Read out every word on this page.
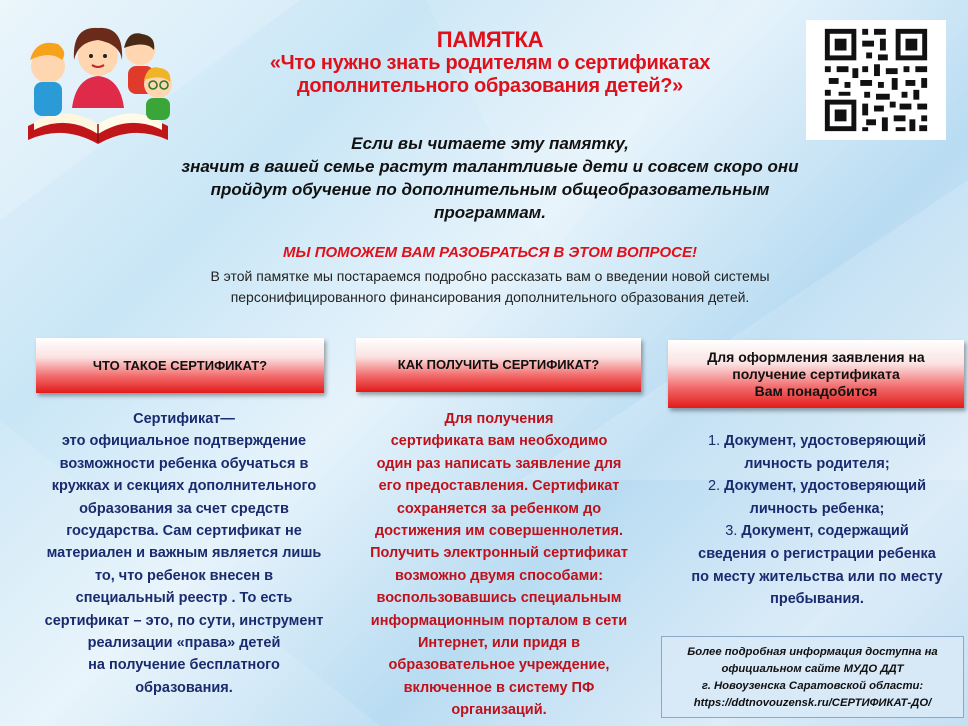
ПАМЯТКА
«Что нужно знать родителям о сертификатах
дополнительного образования детей?»
Если вы читаете эту памятку,
значит в вашей семье растут талантливые дети и совсем скоро они
пройдут обучение по дополнительным общеобразовательным
программам.
МЫ ПОМОЖЕМ ВАМ РАЗОБРАТЬСЯ В ЭТОМ ВОПРОСЕ!
В этой памятке мы постараемся подробно рассказать вам о введении новой системы
персонифицированного финансирования дополнительного образования детей.
ЧТО ТАКОЕ СЕРТИФИКАТ?	КАК ПОЛУЧИТЬ СЕРТИФИКАТ?	Для оформления заявления на
получение сертификата
Вам понадобится
Сертификат—
это официальное подтверждение
возможности ребенка обучаться в
кружках и секциях дополнительного
образования за счет средств
государства. Сам сертификат не
материален и важным является лишь
то, что ребенок внесен в
специальный реестр . То есть
сертификат – это, по сути, инструмент
реализации «права» детей
на получение бесплатного
образования.
Для получения
сертификата вам необходимо
один раз написать заявление для
его предоставления. Сертификат
сохраняется за ребенком до
достижения им совершеннолетия.
Получить электронный сертификат
возможно двумя способами:
воспользовавшись специальным
информационным порталом в сети
Интернет, или придя в
образовательное учреждение,
включенное в систему ПФ
организаций.
1. Документ, удостоверяющий
личность родителя;
2. Документ, удостоверяющий
личность ребенка;
3. Документ, содержащий
сведения о регистрации ребенка
по месту жительства или по месту
пребывания.
Более подробная информация доступна на
официальном сайте МУДО ДДТ
г. Новоузенска Саратовской области:
https://ddtnovouzensk.ru/СЕРТИФИКАТ-ДО/
